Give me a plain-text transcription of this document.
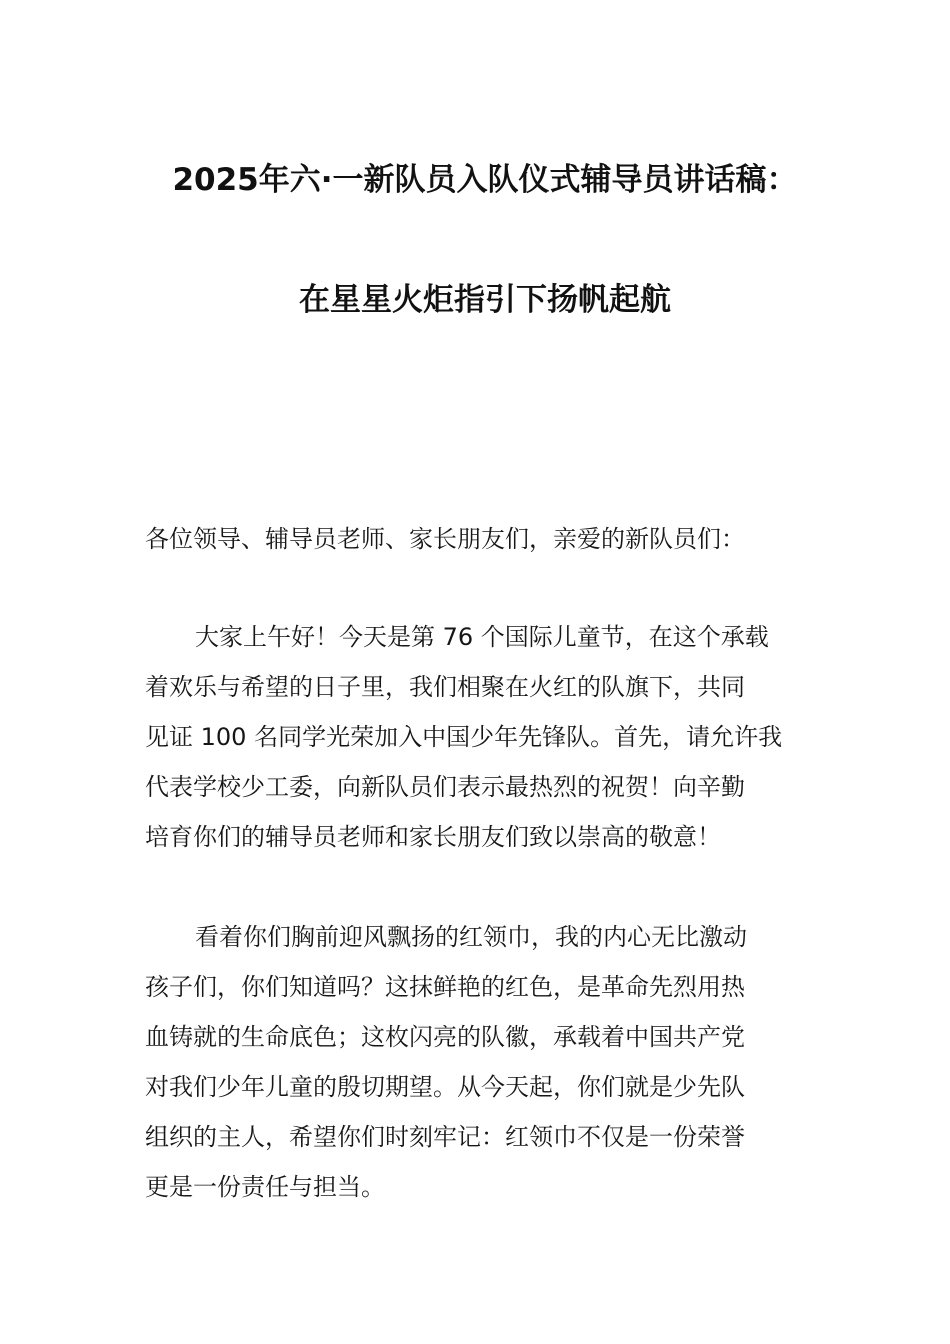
2025年六·一新队员入队仪式辅导员讲话稿：
在星星火炬指引下扬帆起航
各位领导、辅导员老师、家长朋友们，亲爱的新队员们：
大家上午好！今天是第 76 个国际儿童节，在这个承载
着欢乐与希望的日子里，我们相聚在火红的队旗下，共同
见证 100 名同学光荣加入中国少年先锋队。首先，请允许我
代表学校少工委，向新队员们表示最热烈的祝贺！向辛勤
培育你们的辅导员老师和家长朋友们致以崇高的敬意！
看着你们胸前迎风飘扬的红领巾，我的内心无比激动
孩子们，你们知道吗？这抹鲜艳的红色，是革命先烈用热
血铸就的生命底色；这枚闪亮的队徽，承载着中国共产党
对我们少年儿童的殷切期望。从今天起，你们就是少先队
组织的主人，希望你们时刻牢记：红领巾不仅是一份荣誉
更是一份责任与担当。
